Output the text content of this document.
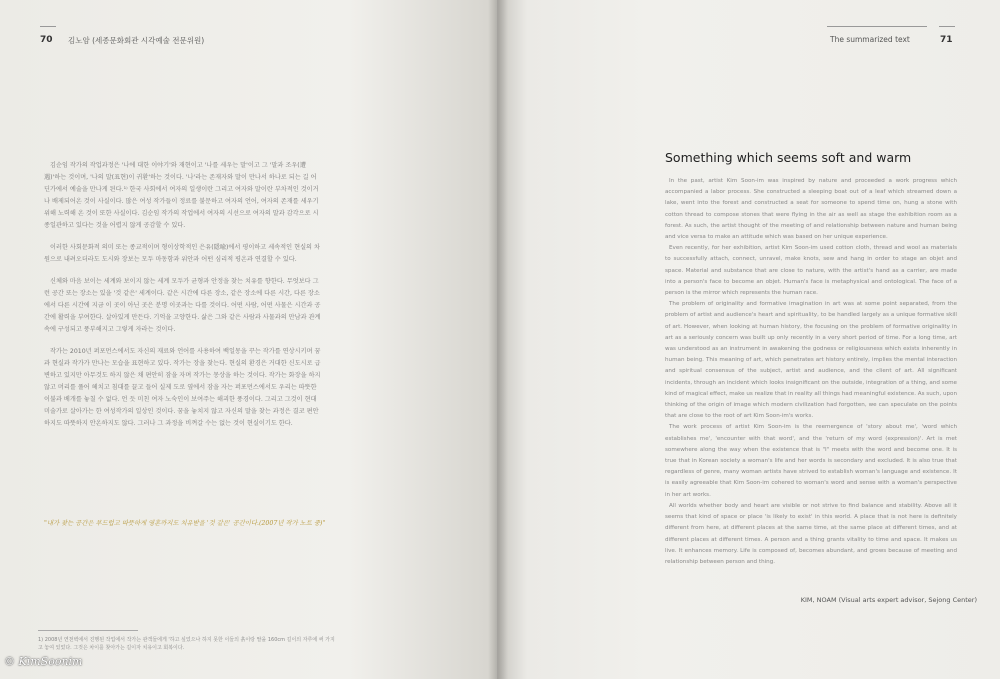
70 김노암 (세종문화회관 시각예술 전문위원)

김순임 작가의 작업과정은 '나에 대한 이야기'와 재현이고 '나를 세우는 말'이고 그 '말과 조우(遭遇)'하는 것이며, '나의 말(표현)이 귀환'하는 것이다. '나'라는 존재자와 말이 만나서 하나로 되는 길 어딘가에서 예술을 만나게 된다.¹⁾ 한국 사회에서 여자의 일생이란 그리고 여자와 말이란 부차적인 것이거나 배제되어온 것이 사실이다. 많은 여성 작가들이 정료를 불문하고 여자의 언어, 여자의 존재를 세우기 위해 노력해 온 것이 또한 사실이다. 김순임 작가의 작업에서 여자의 시선으로 여자의 말과 감각으로 시종일관하고 있다는 것을 어렵지 않게 공감할 수 있다.

이러한 사회문화적 의미 또는 종교적이며 형이상학적인 은유(隱喩)에서 평이하고 세속적인 현실의 차원으로 내려오더라도 도시와 장보는 모두 마동함과 위안과 어떤 심리적 평온과 연결할 수 있다.

신체와 마음 보이는 세계와 보이지 않는 세계 모두가 균형과 안정을 찾는 치유를 향한다. 무엇보다 그런 공간 또는 장소는 있을 '것 같은' 세계이다. 같은 시간에 다른 장소, 같은 장소에 다른 시간, 다른 장소에서 다른 시간에 지금 이 곳이 아닌 곳은 분명 이곳과는 다를 것이다. 어떤 사람, 어떤 사물은 시간과 공간에 활력을 부여한다. 살아있게 만든다. 기억을 고양한다. 삶은 그와 같은 사람과 사물과의 만남과 관계 속에 구성되고 풍부해지고 그렇게 자라는 것이다.

작가는 2010년 퍼포먼스에서도 자신의 재료와 언어를 사용하여 백일몽을 꾸는 작가를 연상시키며 꿈과 현실과 작가가 만나는 모습을 표현하고 있다. 작가는 장을 찾는다. 현실의 환경은 거대한 신도시로 급변하고 있지만 아무것도 하지 않은 채 편안히 잠을 자며 작가는 몽상을 하는 것이다. 작가는 화장을 하지 않고 머리를 풀어 헤치고 침대를 끌고 들어 실제 도로 옆에서 잠을 자는 퍼포먼스에서도 우리는 따뜻한 이불과 베개를 놓칠 수 없다. 언 듯 미친 여자 노숙인이 보여주는 해괴한 풍경이다. 그리고 그것이 현대미술가로 살아가는 한 여성작가의 일상인 것이다. 꿈을 놓치지 않고 자신의 말을 찾는 과정은 결코 편안하지도 따뜻하지 안온하지도 않다. 그러나 그 과정을 비껴갈 수는 없는 것이 현실이기도 한다.

"내가 찾는 공간은 부드럽고 따뜻하게 영혼까지도 치유받을 '것 같은' 공간이다.(2007년 작가 노트 중)"
1) 2008년 연천벽에서 진행된 작업에서 작가는 관객들에게 '하고 싶었으나 하지 못한 이들의 흙이랑 딸을 160cm 길이의 자루에 써 가지고 놓여 있었다. 그것은 차이를 찾아가는 길이자 치유이고 회복이다.
© KimSoonim
The summarized text	71
Something which seems soft and warm

In the past, artist Kim Soon-im was inspired by nature and proceeded a work progress which accompanied a labor process. She constructed a sleeping boat out of a leaf which streamed down a lake, went into the forest and constructed a seat for someone to spend time on, hung a stone with cotton thread to compose stones that were flying in the air as well as stage the exhibition room as a forest. As such, the artist thought of the meeting of and relationship between nature and human being and vice versa to make an attitude which was based on her unique experience.

Even recently, for her exhibition, artist Kim Soon-im used cotton cloth, thread and wool as materials to successfully attach, connect, unravel, make knots, sew and hang in order to stage an objet and space. Material and substance that are close to nature, with the artist's hand as a carrier, are made into a person's face to become an objet. Human's face is metaphysical and ontological. The face of a person is the mirror which represents the human race.

The problem of originality and formative imagination in art was at some point separated, from the problem of artist and audience's heart and spirituality, to be handled largely as a unique formative skill of art. However, when looking at human history, the focusing on the problem of formative originality in art as a seriously concern was built up only recently in a very short period of time. For a long time, art was understood as an instrument in awakening the godness or religiousness which exists inherently in human being. This meaning of art, which penetrates art history entirely, implies the mental interaction and spiritual consensus of the subject, artist and audience, and the client of art. All significant incidents, through an incident which looks insignificant on the outside, integration of a thing, and some kind of magical effect, make us realize that in reality all things had meaningful existence. As such, upon thinking of the origin of image which modern civilization had forgotten, we can speculate on the points that are close to the root of art Kim Soon-im's works.

The work process of artist Kim Soon-im is the reemergence of 'story about me', 'word which establishes me', 'encounter with that word', and the 'return of my word (expression)'. Art is met somewhere along the way when the existence that is "I" meets with the word and become one. It is true that in Korean society a woman's life and her words is secondary and excluded. It is also true that regardless of genre, many woman artists have strived to establish woman's language and existence. It is easily agreeable that Kim Soon-im cohered to woman's word and sense with a woman's perspective in her art works.

All worlds whether body and heart are visible or not strive to find balance and stability. Above all it seems that kind of space or place 'is likely to exist' in this world. A place that is not here is definitely different from here, at different places at the same time, at the same place at different times, and at different places at different times. A person and a thing grants vitality to time and space. It makes us live. It enhances memory. Life is composed of, becomes abundant, and grows because of meeting and relationship between person and thing.

KIM, NOAM (Visual arts expert advisor, Sejong Center)
